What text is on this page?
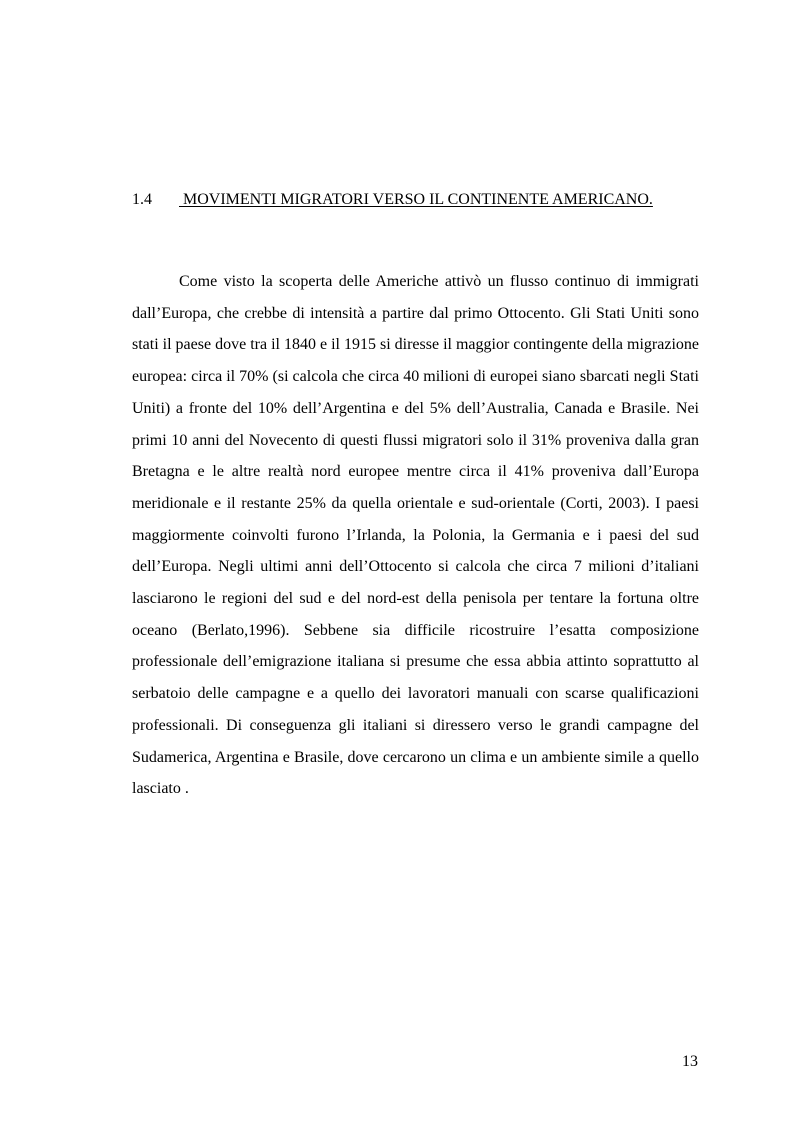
1.4 MOVIMENTI MIGRATORI VERSO IL CONTINENTE AMERICANO.

Come visto la scoperta delle Americhe attivò un flusso continuo di immigrati dall’Europa, che crebbe di intensità a partire dal primo Ottocento. Gli Stati Uniti sono stati il paese dove tra il 1840 e il 1915 si diresse il maggior contingente della migrazione europea: circa il 70% (si calcola che circa 40 milioni di europei siano sbarcati negli Stati Uniti) a fronte del 10% dell’Argentina e del 5% dell’Australia, Canada e Brasile. Nei primi 10 anni del Novecento di questi flussi migratori solo il 31% proveniva dalla gran Bretagna e le altre realtà nord europee mentre circa il 41% proveniva dall’Europa meridionale e il restante 25% da quella orientale e sud-orientale (Corti, 2003). I paesi maggiormente coinvolti furono l’Irlanda, la Polonia, la Germania e i paesi del sud dell’Europa. Negli ultimi anni dell’Ottocento si calcola che circa 7 milioni d’italiani lasciarono le regioni del sud e del nord-est della penisola per tentare la fortuna oltre oceano (Berlato,1996). Sebbene sia difficile ricostruire l’esatta composizione professionale dell’emigrazione italiana si presume che essa abbia attinto soprattutto al serbatoio delle campagne e a quello dei lavoratori manuali con scarse qualificazioni professionali. Di conseguenza gli italiani si diressero verso le grandi campagne del Sudamerica, Argentina e Brasile, dove cercarono un clima e un ambiente simile a quello lasciato .

13
